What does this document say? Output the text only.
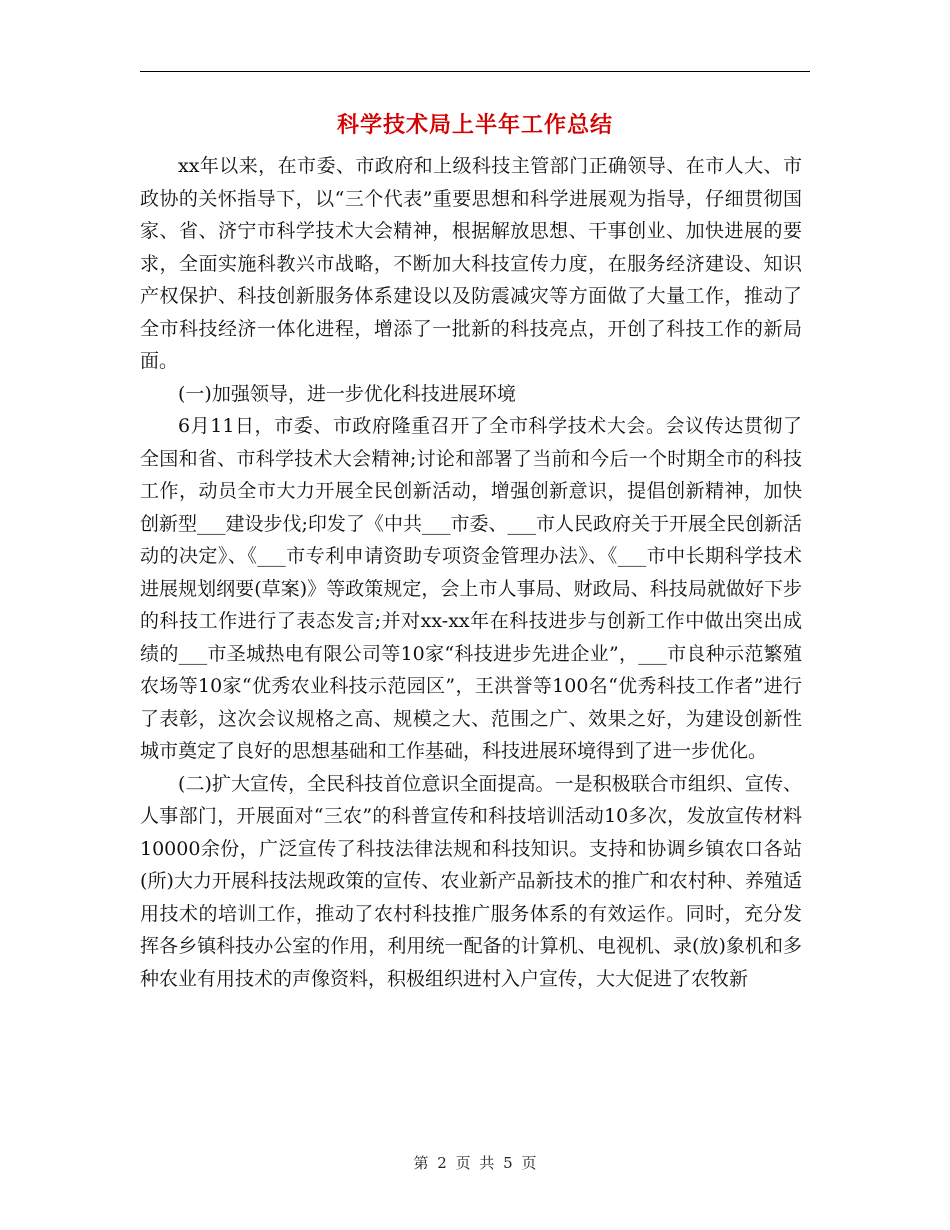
科学技术局上半年工作总结

xx年以来，在市委、市政府和上级科技主管部门正确领导、在市人大、市政协的关怀指导下，以“三个代表”重要思想和科学进展观为指导，仔细贯彻国家、省、济宁市科学技术大会精神，根据解放思想、干事创业、加快进展的要求，全面实施科教兴市战略，不断加大科技宣传力度，在服务经济建设、知识产权保护、科技创新服务体系建设以及防震减灾等方面做了大量工作，推动了全市科技经济一体化进程，增添了一批新的科技亮点，开创了科技工作的新局面。

(一)加强领导，进一步优化科技进展环境

6月11日，市委、市政府隆重召开了全市科学技术大会。会议传达贯彻了全国和省、市科学技术大会精神;讨论和部署了当前和今后一个时期全市的科技工作，动员全市大力开展全民创新活动，增强创新意识，提倡创新精神，加快创新型___建设步伐;印发了《中共___市委、___市人民政府关于开展全民创新活动的决定》、《___市专利申请资助专项资金管理办法》、《___市中长期科学技术进展规划纲要(草案)》等政策规定，会上市人事局、财政局、科技局就做好下步的科技工作进行了表态发言;并对xx-xx年在科技进步与创新工作中做出突出成绩的___市圣城热电有限公司等10家“科技进步先进企业”，___市良种示范繁殖农场等10家“优秀农业科技示范园区”，王洪誉等100名“优秀科技工作者”进行了表彰，这次会议规格之高、规模之大、范围之广、效果之好，为建设创新性城市奠定了良好的思想基础和工作基础，科技进展环境得到了进一步优化。

(二)扩大宣传，全民科技首位意识全面提高。一是积极联合市组织、宣传、人事部门，开展面对“三农”的科普宣传和科技培训活动10多次，发放宣传材料10000余份，广泛宣传了科技法律法规和科技知识。支持和协调乡镇农口各站(所)大力开展科技法规政策的宣传、农业新产品新技术的推广和农村种、养殖适用技术的培训工作，推动了农村科技推广服务体系的有效运作。同时，充分发挥各乡镇科技办公室的作用，利用统一配备的计算机、电视机、录(放)象机和多种农业有用技术的声像资料，积极组织进村入户宣传，大大促进了农牧新

第 2 页 共 5 页
